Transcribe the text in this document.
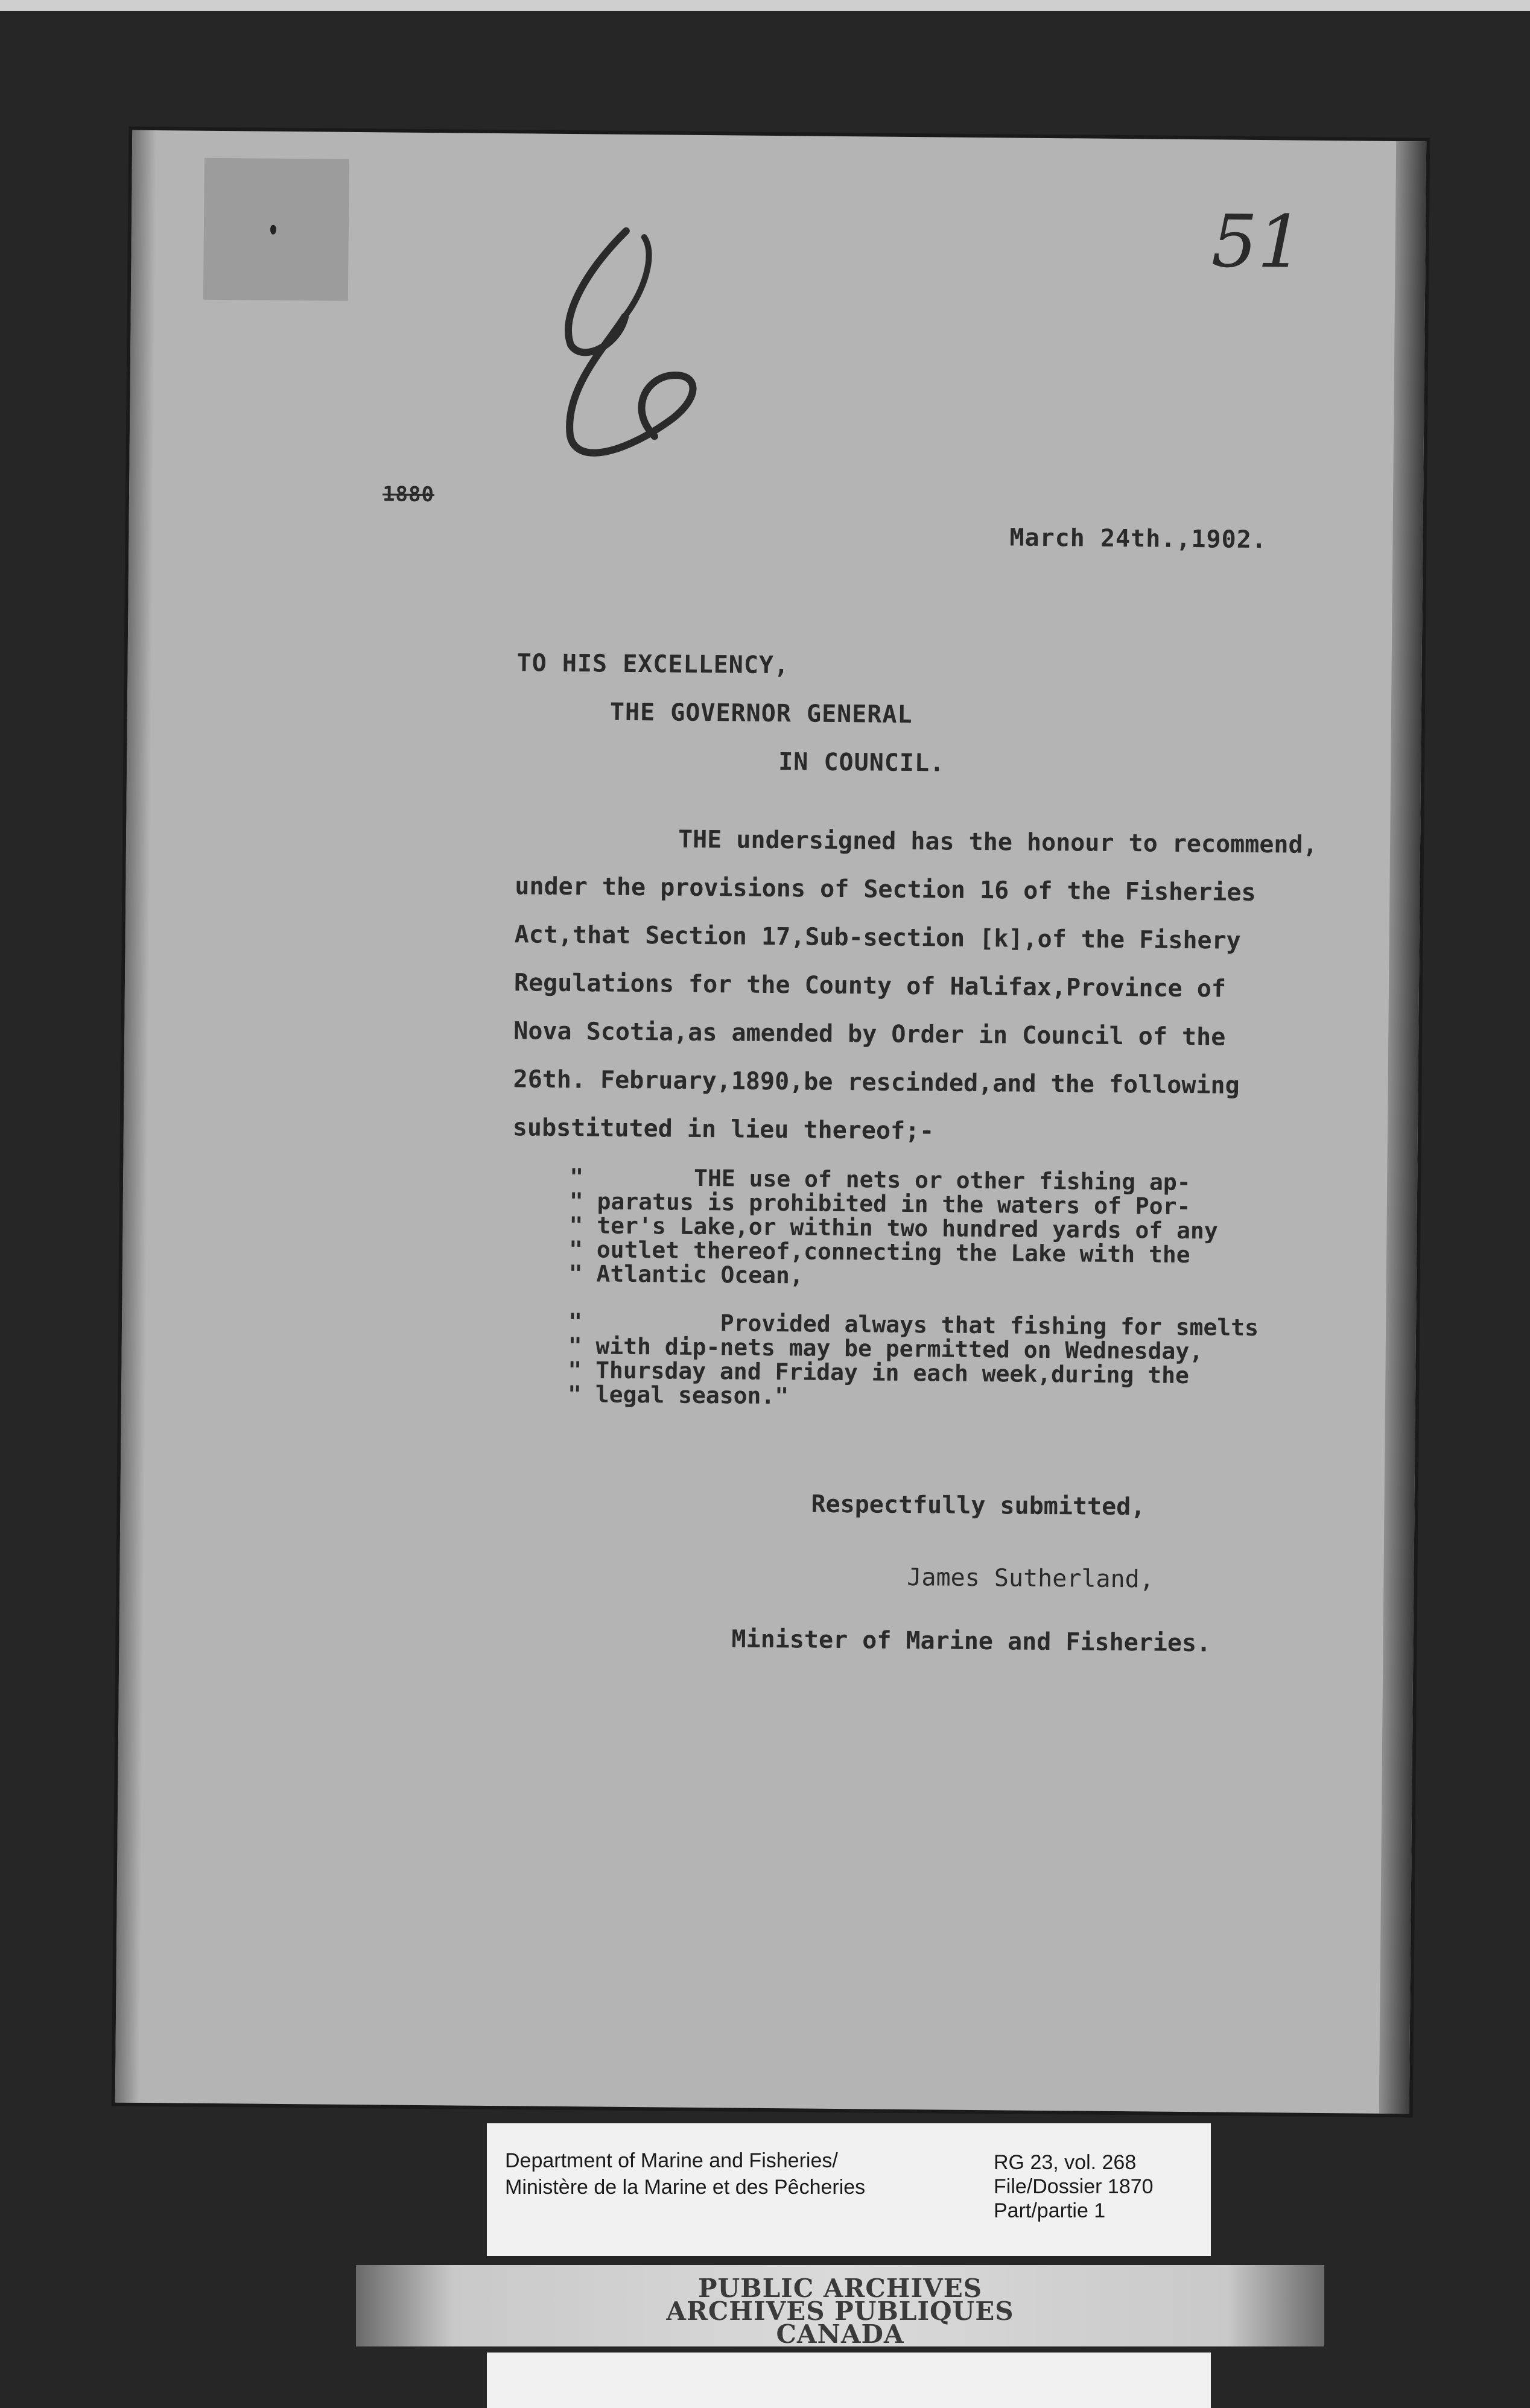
51
1880
March 24th.,1902.
TO HIS EXCELLENCY,
THE GOVERNOR GENERAL
IN COUNCIL.
THE undersigned has the honour to recommend,
under the provisions of Section 16 of the Fisheries
Act,that Section 17,Sub-section [k],of the Fishery
Regulations for the County of Halifax,Province of
Nova Scotia,as amended by Order in Council of the
26th. February,1890,be rescinded,and the following
substituted in lieu thereof;-
"        THE use of nets or other fishing ap-
" paratus is prohibited in the waters of Por-
" ter's Lake,or within two hundred yards of any
" outlet thereof,connecting the Lake with the
" Atlantic Ocean,
"          Provided always that fishing for smelts
" with dip-nets may be permitted on Wednesday,
" Thursday and Friday in each week,during the
" legal season."
Respectfully submitted,
James Sutherland,
Minister of Marine and Fisheries.
Department of Marine and Fisheries/
Ministère de la Marine et des Pêcheries
RG 23, vol. 268
File/Dossier 1870
Part/partie 1
PUBLIC ARCHIVES
ARCHIVES PUBLIQUES
CANADA
